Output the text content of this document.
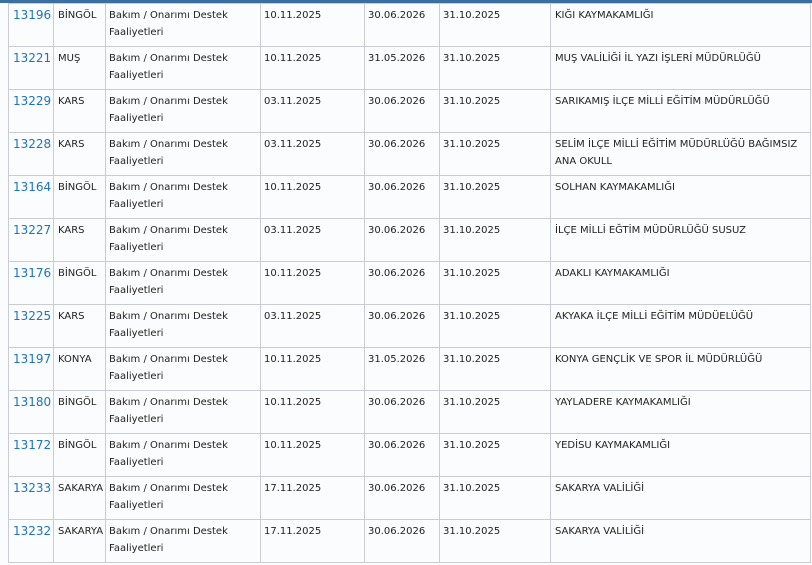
13196	BİNGÖL	Bakım / Onarımı Destek
Faaliyetleri	10.11.2025	30.06.2026	31.10.2025	KIĞI KAYMAKAMLIĞI
13221	MUŞ	Bakım / Onarımı Destek
Faaliyetleri	10.11.2025	31.05.2026	31.10.2025	MUŞ VALİLİĞİ İL YAZI İŞLERİ MÜDÜRLÜĞÜ
13229	KARS	Bakım / Onarımı Destek
Faaliyetleri	03.11.2025	30.06.2026	31.10.2025	SARIKAMIŞ İLÇE MİLLİ EĞİTİM MÜDÜRLÜĞÜ
13228	KARS	Bakım / Onarımı Destek
Faaliyetleri	03.11.2025	30.06.2026	31.10.2025	SELİM İLÇE MİLLİ EĞİTİM MÜDÜRLÜĞÜ BAĞIMSIZ ANA OKULL
13164	BİNGÖL	Bakım / Onarımı Destek
Faaliyetleri	10.11.2025	30.06.2026	31.10.2025	SOLHAN KAYMAKAMLIĞI
13227	KARS	Bakım / Onarımı Destek
Faaliyetleri	03.11.2025	30.06.2026	31.10.2025	İLÇE MİLLİ EĞTİM MÜDÜRLÜĞÜ SUSUZ
13176	BİNGÖL	Bakım / Onarımı Destek
Faaliyetleri	10.11.2025	30.06.2026	31.10.2025	ADAKLI KAYMAKAMLIĞI
13225	KARS	Bakım / Onarımı Destek
Faaliyetleri	03.11.2025	30.06.2026	31.10.2025	AKYAKA İLÇE MİLLİ EĞİTİM MÜDÜELÜĞÜ
13197	KONYA	Bakım / Onarımı Destek
Faaliyetleri	10.11.2025	31.05.2026	31.10.2025	KONYA GENÇLİK VE SPOR İL MÜDÜRLÜĞÜ
13180	BİNGÖL	Bakım / Onarımı Destek
Faaliyetleri	10.11.2025	30.06.2026	31.10.2025	YAYLADERE KAYMAKAMLIĞI
13172	BİNGÖL	Bakım / Onarımı Destek
Faaliyetleri	10.11.2025	30.06.2026	31.10.2025	YEDİSU KAYMAKAMLIĞI
13233	SAKARYA	Bakım / Onarımı Destek
Faaliyetleri	17.11.2025	30.06.2026	31.10.2025	SAKARYA VALİLİĞİ
13232	SAKARYA	Bakım / Onarımı Destek
Faaliyetleri	17.11.2025	30.06.2026	31.10.2025	SAKARYA VALİLİĞİ
